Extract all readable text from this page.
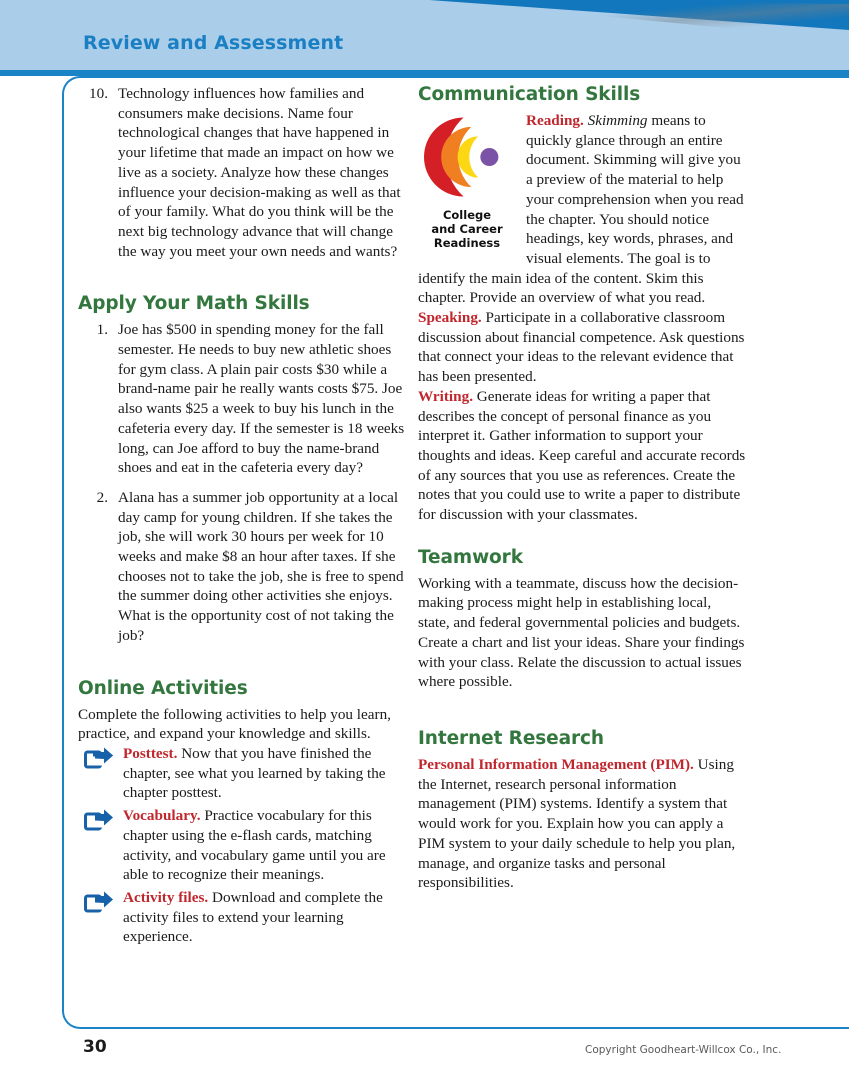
Review and Assessment
10. Technology influences how families and consumers make decisions. Name four technological changes that have happened in your lifetime that made an impact on how we live as a society. Analyze how these changes influence your decision-making as well as that of your family. What do you think will be the next big technology advance that will change the way you meet your own needs and wants?

Apply Your Math Skills
1. Joe has $500 in spending money for the fall semester. He needs to buy new athletic shoes for gym class. A plain pair costs $30 while a brand-name pair he really wants costs $75. Joe also wants $25 a week to buy his lunch in the cafeteria every day. If the semester is 18 weeks long, can Joe afford to buy the name-brand shoes and eat in the cafeteria every day?

2. Alana has a summer job opportunity at a local day camp for young children. If she takes the job, she will work 30 hours per week for 10 weeks and make $8 an hour after taxes. If she chooses not to take the job, she is free to spend the summer doing other activities she enjoys. What is the opportunity cost of not taking the job?

Online Activities

Complete the following activities to help you learn, practice, and expand your knowledge and skills.

Posttest. Now that you have finished the chapter, see what you learned by taking the chapter posttest.

Vocabulary. Practice vocabulary for this chapter using the e-flash cards, matching activity, and vocabulary game until you are able to recognize their meanings.

Activity files. Download and complete the activity files to extend your learning experience.

Communication Skills
College
and Career
Readiness

Reading. Skimming means to quickly glance through an entire document. Skimming will give you a preview of the material to help your comprehension when you read the chapter. You should notice headings, key words, phrases, and visual elements. The goal is to identify the main idea of the content. Skim this chapter. Provide an overview of what you read.

Speaking. Participate in a collaborative classroom discussion about financial competence. Ask questions that connect your ideas to the relevant evidence that has been presented.

Writing. Generate ideas for writing a paper that describes the concept of personal finance as you interpret it. Gather information to support your thoughts and ideas. Keep careful and accurate records of any sources that you use as references. Create the notes that you could use to write a paper to distribute for discussion with your classmates.

Teamwork

Working with a teammate, discuss how the decision-making process might help in establishing local, state, and federal governmental policies and budgets. Create a chart and list your ideas. Share your findings with your class. Relate the discussion to actual issues where possible.

Internet Research

Personal Information Management (PIM). Using the Internet, research personal information management (PIM) systems. Identify a system that would work for you. Explain how you can apply a PIM system to your daily schedule to help you plan, manage, and organize tasks and personal responsibilities.

30	Copyright Goodheart-Willcox Co., Inc.
